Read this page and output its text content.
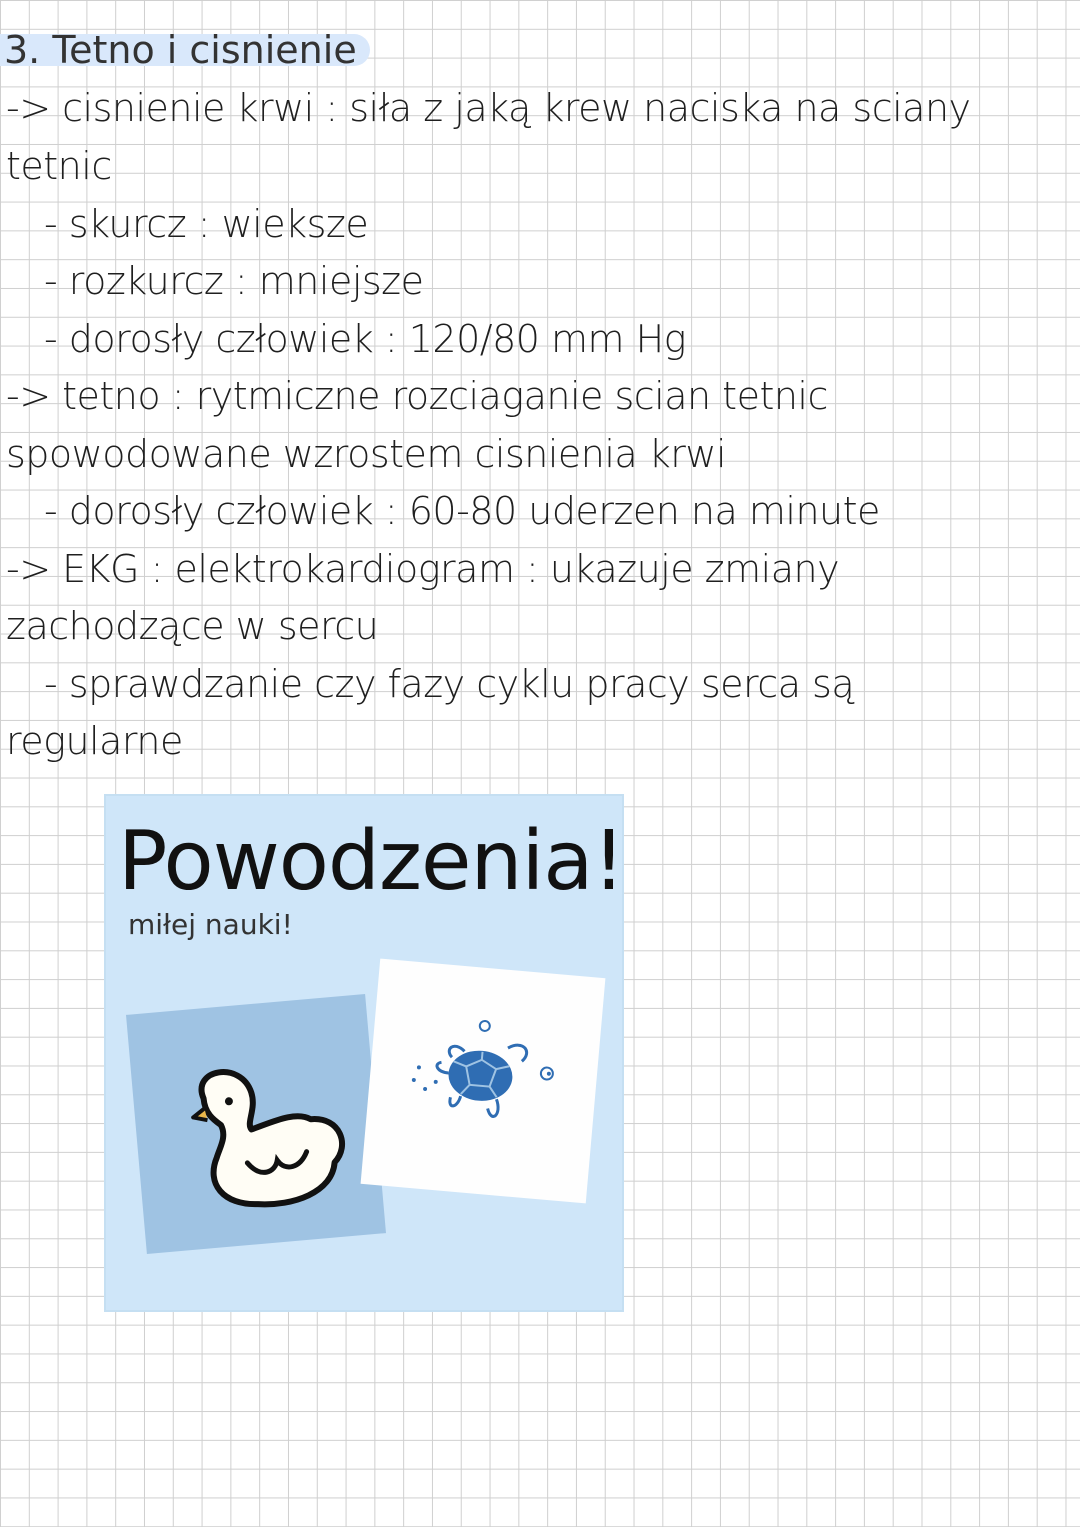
3. Tetno i cisnienie
-> cisnienie krwi : siła z jaką krew naciska na sciany
tetnic
- skurcz : wieksze
- rozkurcz : mniejsze
- dorosły człowiek : 120/80 mm Hg
-> tetno : rytmiczne rozciaganie scian tetnic
spowodowane wzrostem cisnienia krwi
- dorosły człowiek : 60-80 uderzen na minute
-> EKG : elektrokardiogram : ukazuje zmiany
zachodzące w sercu
- sprawdzanie czy fazy cyklu pracy serca są
regularne
Powodzenia!
miłej nauki!
